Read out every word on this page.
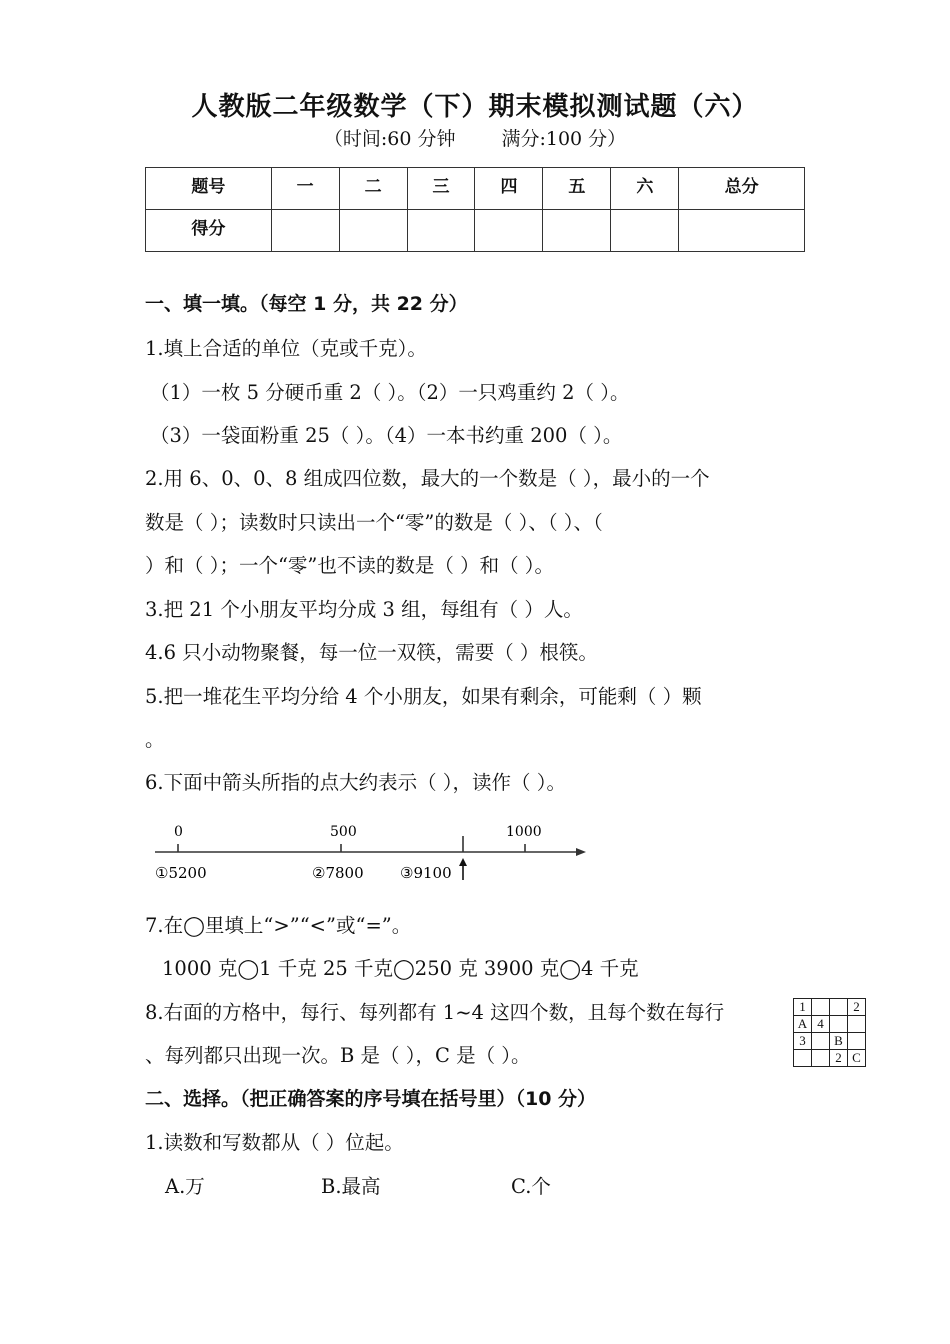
人教版二年级数学（下）期末模拟测试题（六）
（时间:60 分钟 满分:100 分）
题号	一	二	三	四	五	六	总分
得分							
一、填一填。（每空 1 分，共 22 分）
1.填上合适的单位（克或千克）。
（1）一枚 5 分硬币重 2（ ）。（2）一只鸡重约 2（ ）。
（3）一袋面粉重 25（ ）。（4）一本书约重 200（ ）。
2.用 6、0、0、8 组成四位数，最大的一个数是（ ），最小的一个
数是（ ）；读数时只读出一个“零”的数是（ ）、（ ）、（
）和（ ）；一个“零”也不读的数是（ ）和（ ）。
3.把 21 个小朋友平均分成 3 组，每组有（ ）人。
4.6 只小动物聚餐，每一位一双筷，需要（ ）根筷。
5.把一堆花生平均分给 4 个小朋友，如果有剩余，可能剩（ ）颗
。
6.下面中箭头所指的点大约表示（ ），读作（ ）。
0	500	1000
①5200	②7800 ③9100
7.在◯里填上“>”“<”或“=”。
1000 克◯1 千克 25 千克◯250 克 3900 克◯4 千克
8.右面的方格中，每行、每列都有 1~4 这四个数，且每个数在每行
、每列都只出现一次。B 是（ ），C 是（ ）。
1			2
A	4		
3		B	
		2	C
二、选择。（把正确答案的序号填在括号里）（10 分）
1.读数和写数都从（ ）位起。
A.万	B.最高	C.个
